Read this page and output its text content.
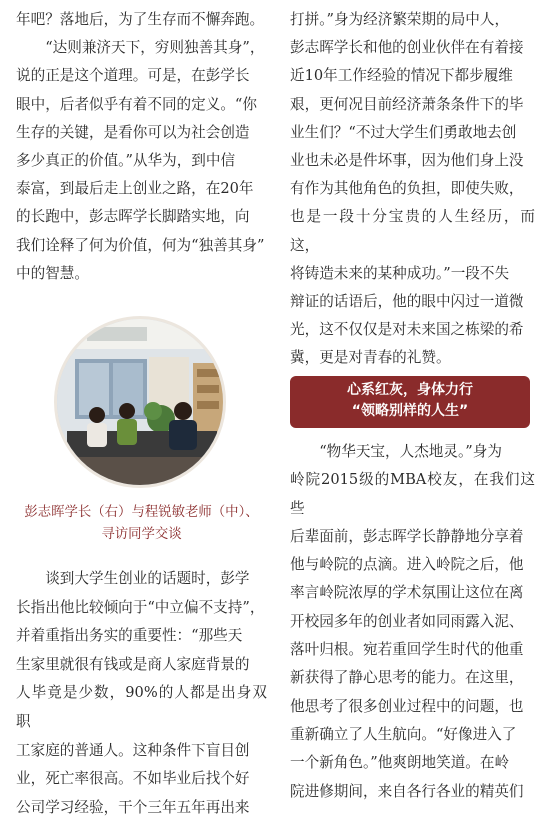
年吧？落地后，为了生存而不懈奔跑。

“达则兼济天下，穷则独善其身”，

说的正是这个道理。可是，在彭学长

眼中，后者似乎有着不同的定义。“你

生存的关键，是看你可以为社会创造

多少真正的价值。”从华为，到中信

泰富，到最后走上创业之路，在20年

的长跑中，彭志晖学长脚踏实地，向

我们诠释了何为价值，何为“独善其身”

中的智慧。

彭志晖学长（右）与程锐敏老师（中）、
寻访同学交谈

谈到大学生创业的话题时，彭学

长指出他比较倾向于“中立偏不支持”，

并着重指出务实的重要性：“那些天

生家里就很有钱或是商人家庭背景的

人毕竟是少数，90%的人都是出身双职

工家庭的普通人。这种条件下盲目创

业，死亡率很高。不如毕业后找个好

公司学习经验，干个三年五年再出来

打拼。”身为经济繁荣期的局中人，

彭志晖学长和他的创业伙伴在有着接

近10年工作经验的情况下都步履维

艰，更何况目前经济萧条条件下的毕

业生们？“不过大学生们勇敢地去创

业也未必是件坏事，因为他们身上没

有作为其他角色的负担，即使失败，

也是一段十分宝贵的人生经历，而这，

将铸造未来的某种成功。”一段不失

辩证的话语后，他的眼中闪过一道微

光，这不仅仅是对未来国之栋梁的希

冀，更是对青春的礼赞。

心系红灰，身体力行
“领略别样的人生”

“物华天宝，人杰地灵。”身为

岭院2015级的MBA校友，在我们这些

后辈面前，彭志晖学长静静地分享着

他与岭院的点滴。进入岭院之后，他

率言岭院浓厚的学术氛围让这位在离

开校园多年的创业者如同雨露入泥、

落叶归根。宛若重回学生时代的他重

新获得了静心思考的能力。在这里，

他思考了很多创业过程中的问题，也

重新确立了人生航向。“好像进入了

一个新角色。”他爽朗地笑道。在岭

院进修期间，来自各行各业的精英们
